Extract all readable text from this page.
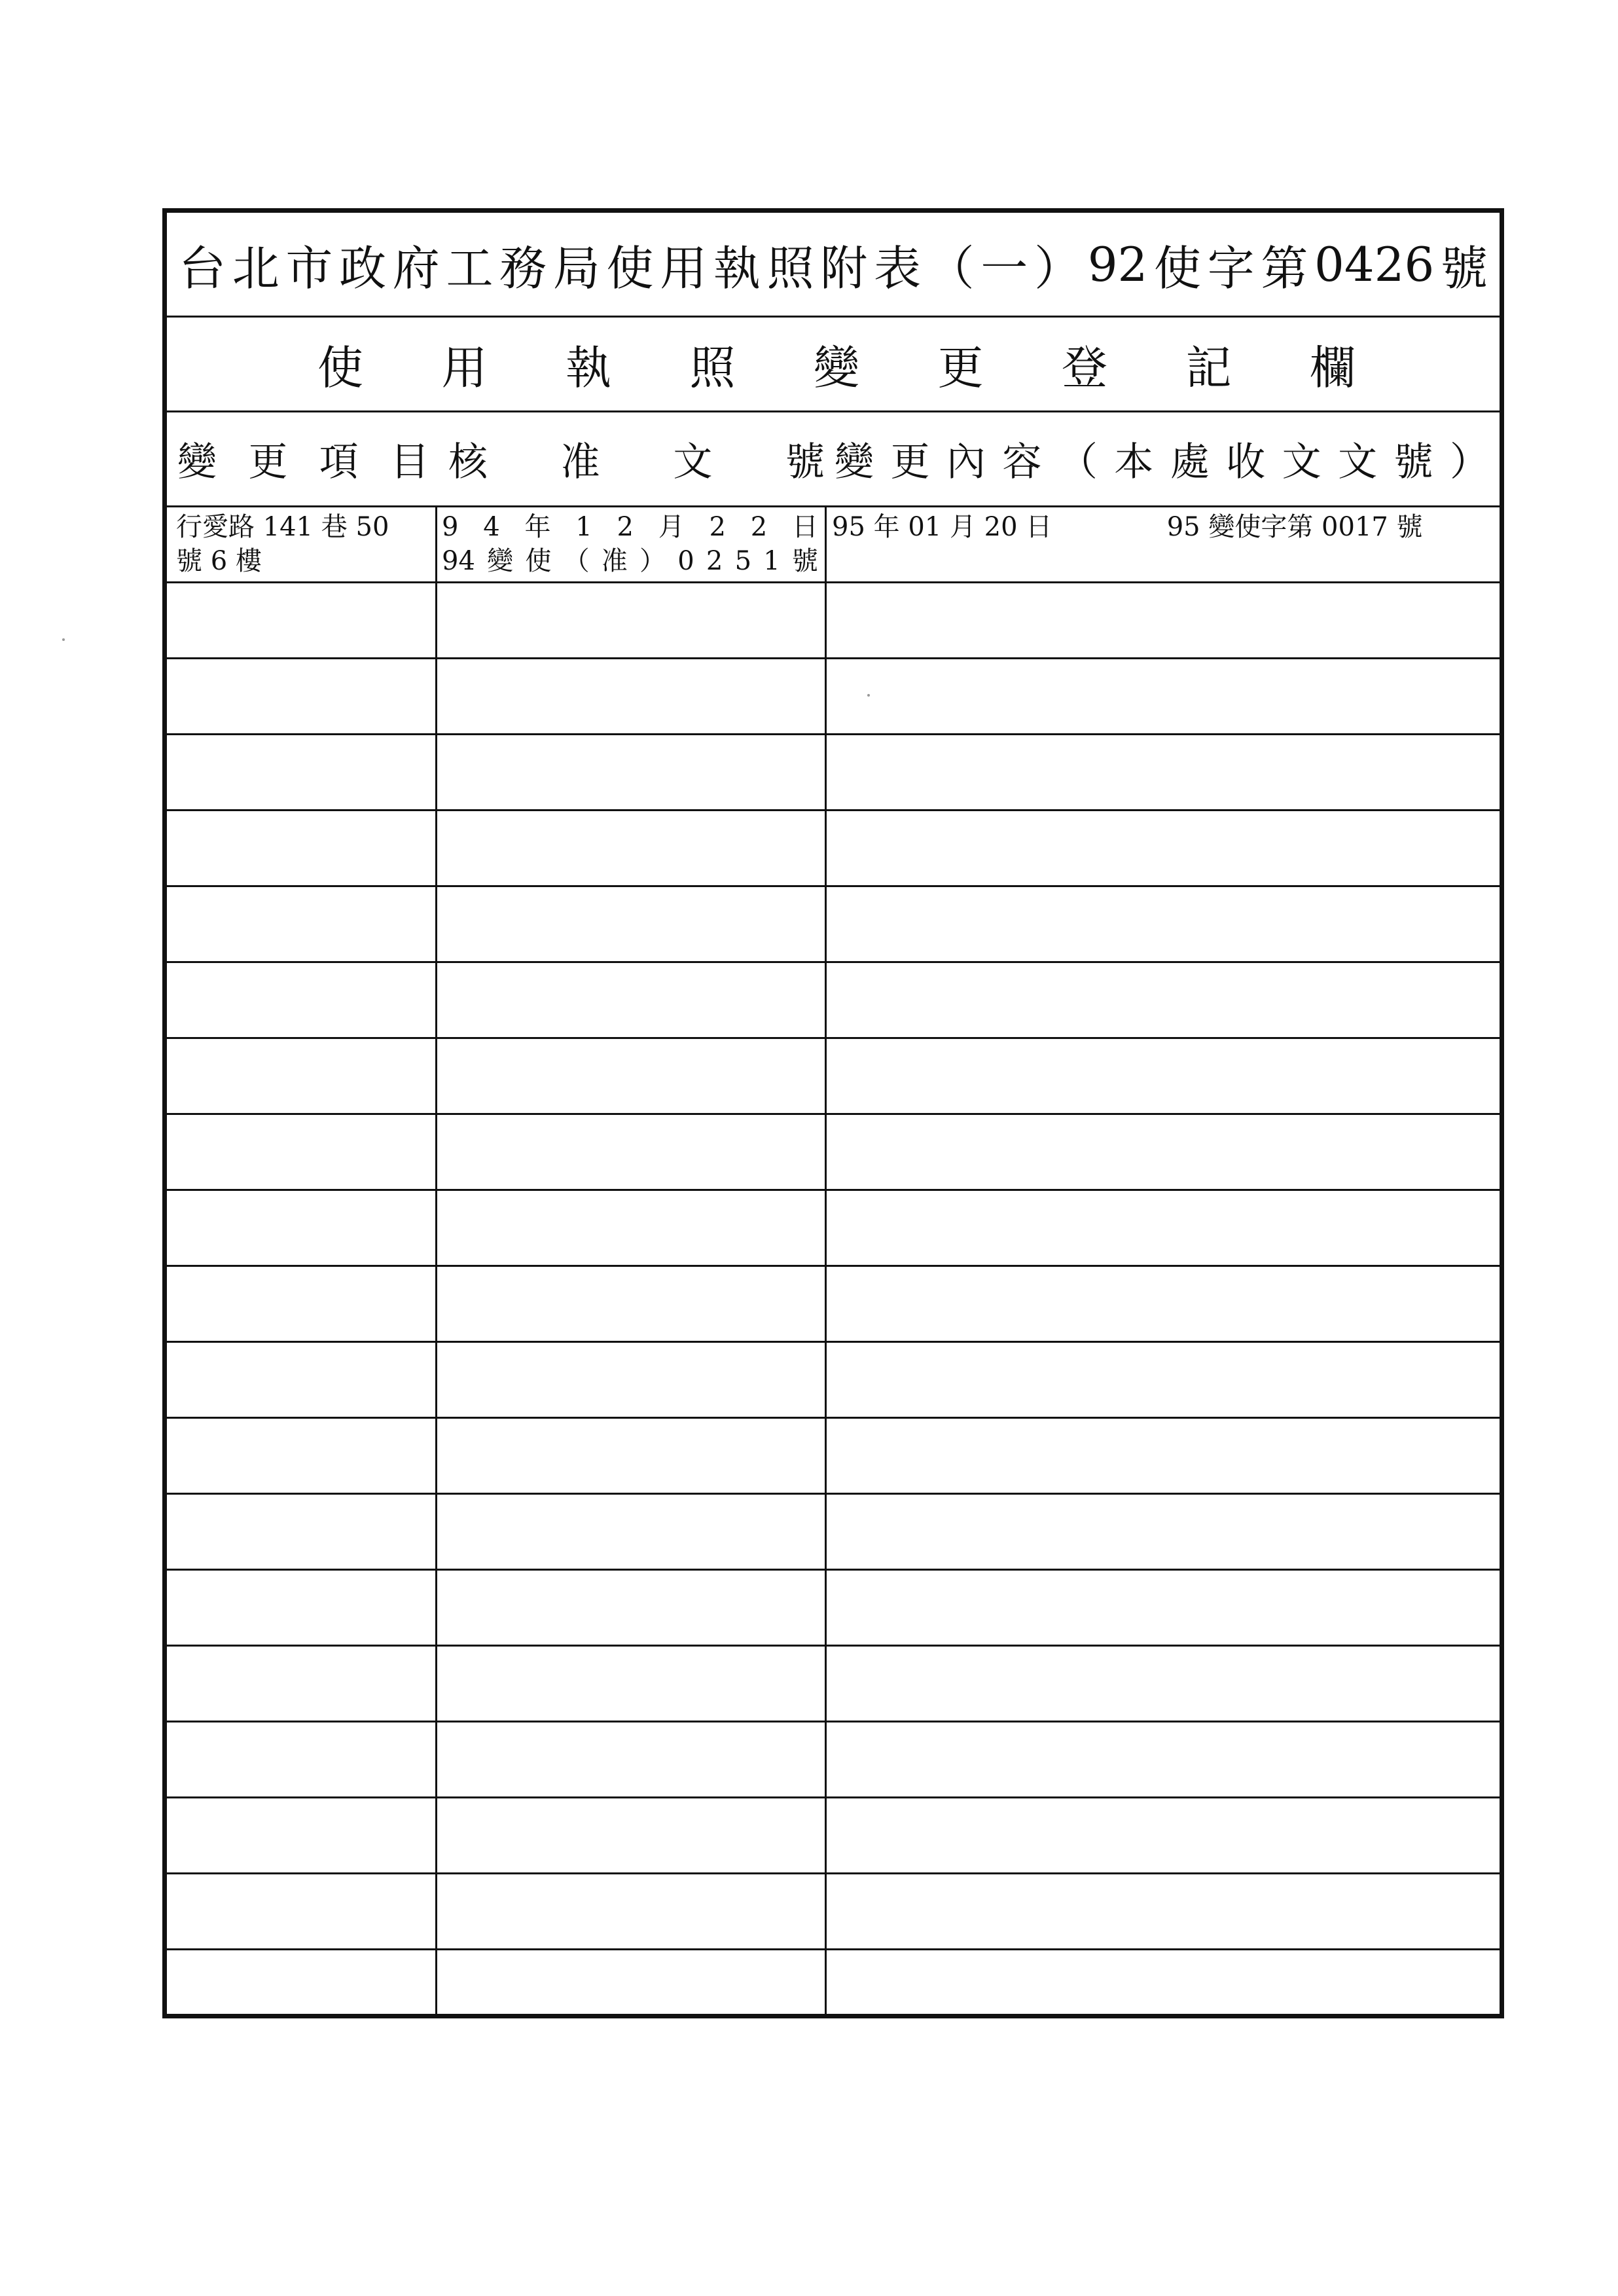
台 北 市 政 府 工 務 局 使 用 執 照 附 表 （ 一 ） 92 使 字 第 0426 號
使 用 執 照 變 更 登 記 欄
變 更 項 目 核 准 文 號 變 更 內 容 （ 本 處 收 文 文 號 ）
行愛路 141 巷 50
號 6 樓
9 4 年 1 2 月 2 2 日
94 變 使 （ 准 ） 0 2 5 1 號
95 年 01 月 20 日	95 變使字第 0017 號
